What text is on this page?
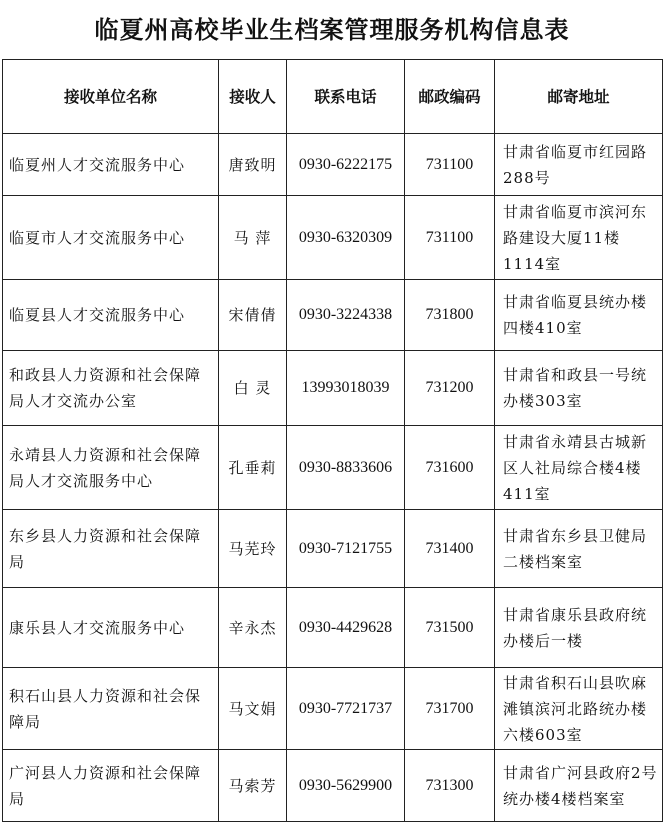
临夏州高校毕业生档案管理服务机构信息表
接收单位名称	接收人	联系电话	邮政编码	邮寄地址
临夏州人才交流服务中心	唐致明	0930-6222175	731100	甘肃省临夏市红园路288号
临夏市人才交流服务中心	马 萍	0930-6320309	731100	甘肃省临夏市滨河东路建设大厦11楼1114室
临夏县人才交流服务中心	宋倩倩	0930-3224338	731800	甘肃省临夏县统办楼四楼410室
和政县人力资源和社会保障局人才交流办公室	白 灵	13993018039	731200	甘肃省和政县一号统办楼303室
永靖县人力资源和社会保障局人才交流服务中心	孔垂莉	0930-8833606	731600	甘肃省永靖县古城新区人社局综合楼4楼411室
东乡县人力资源和社会保障局	马芜玲	0930-7121755	731400	甘肃省东乡县卫健局二楼档案室
康乐县人才交流服务中心	辛永杰	0930-4429628	731500	甘肃省康乐县政府统办楼后一楼
积石山县人力资源和社会保障局	马文娟	0930-7721737	731700	甘肃省积石山县吹麻滩镇滨河北路统办楼六楼603室
广河县人力资源和社会保障局	马索芳	0930-5629900	731300	甘肃省广河县政府2号统办楼4楼档案室
